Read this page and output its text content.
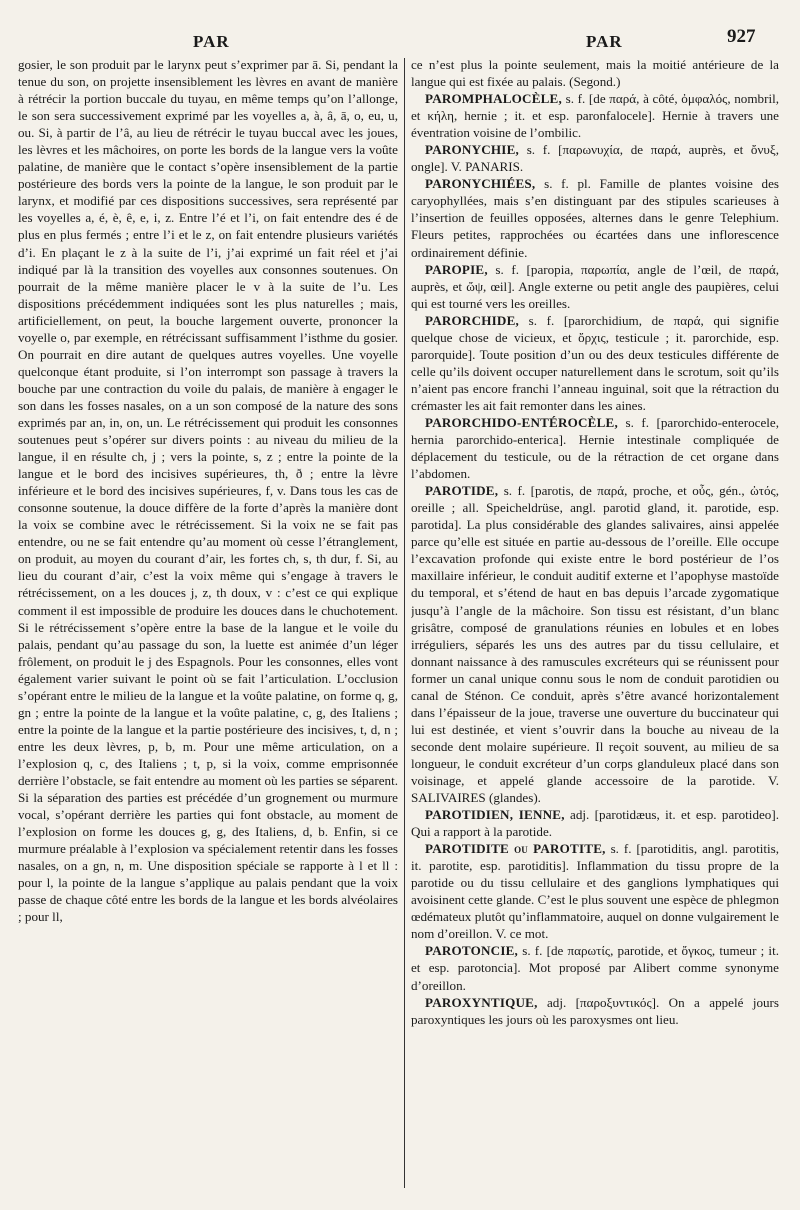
PAR	PAR	927

gosier, le son produit par le larynx peut s’exprimer par ā. Si, pendant la tenue du son, on projette insensiblement les lèvres en avant de manière à rétrécir la portion buccale du tuyau, en même temps qu’on l’allonge, le son sera successivement exprimé par les voyelles a, à, â, ā, o, eu, u, ou. Si, à partir de l’â, au lieu de rétrécir le tuyau buccal avec les joues, les lèvres et les mâchoires, on porte les bords de la langue vers la voûte palatine, de manière que le contact s’opère insensiblement de la partie postérieure des bords vers la pointe de la langue, le son produit par le larynx, et modifié par ces dispositions successives, sera représenté par les voyelles a, é, è, ê, e, i, z. Entre l’é et l’i, on fait entendre des é de plus en plus fermés ; entre l’i et le z, on fait entendre plusieurs variétés d’i. En plaçant le z à la suite de l’i, j’ai exprimé un fait réel et j’ai indiqué par là la transition des voyelles aux consonnes soutenues. On pourrait de la même manière placer le v à la suite de l’u. Les dispositions précédemment indiquées sont les plus naturelles ; mais, artificiellement, on peut, la bouche largement ouverte, prononcer la voyelle o, par exemple, en rétrécissant suffisamment l’isthme du gosier. On pourrait en dire autant de quelques autres voyelles. Une voyelle quelconque étant produite, si l’on interrompt son passage à travers la bouche par une contraction du voile du palais, de manière à engager le son dans les fosses nasales, on a un son composé de la nature des sons exprimés par an, in, on, un. Le rétrécissement qui produit les consonnes soutenues peut s’opérer sur divers points : au niveau du milieu de la langue, il en résulte ch, j ; vers la pointe, s, z ; entre la pointe de la langue et le bord des incisives supérieures, th, ð ; entre la lèvre inférieure et le bord des incisives supérieures, f, v. Dans tous les cas de consonne soutenue, la douce diffère de la forte d’après la manière dont la voix se combine avec le rétrécissement. Si la voix ne se fait pas entendre, ou ne se fait entendre qu’au moment où cesse l’étranglement, on produit, au moyen du courant d’air, les fortes ch, s, th dur, f. Si, au lieu du courant d’air, c’est la voix même qui s’engage à travers le rétrécissement, on a les douces j, z, th doux, v : c’est ce qui explique comment il est impossible de produire les douces dans le chuchotement. Si le rétrécissement s’opère entre la base de la langue et le voile du palais, pendant qu’au passage du son, la luette est animée d’un léger frôlement, on produit le j des Espagnols. Pour les consonnes, elles vont également varier suivant le point où se fait l’articulation. L’occlusion s’opérant entre le milieu de la langue et la voûte palatine, on forme q, g, gn ; entre la pointe de la langue et la voûte palatine, c, g, des Italiens ; entre la pointe de la langue et la partie postérieure des incisives, t, d, n ; entre les deux lèvres, p, b, m. Pour une même articulation, on a l’explosion q, c, des Italiens ; t, p, si la voix, comme emprisonnée derrière l’obstacle, se fait entendre au moment où les parties se séparent. Si la séparation des parties est précédée d’un grognement ou murmure vocal, s’opérant derrière les parties qui font obstacle, au moment de l’explosion on forme les douces g, g, des Italiens, d, b. Enfin, si ce murmure préalable à l’explosion va spécialement retentir dans les fosses nasales, on a gn, n, m. Une disposition spéciale se rapporte à l et ll : pour l, la pointe de la langue s’applique au palais pendant que la voix passe de chaque côté entre les bords de la langue et les bords alvéolaires ; pour ll,

ce n’est plus la pointe seulement, mais la moitié antérieure de la langue qui est fixée au palais. (Segond.)

PAROMPHALOCÈLE, s. f. [de παρά, à côté, ὀμφαλός, nombril, et κήλη, hernie ; it. et esp. paronfalocele]. Hernie à travers une éventration voisine de l’ombilic.

PARONYCHIE, s. f. [παρωνυχία, de παρά, auprès, et ὄνυξ, ongle]. V. PANARIS.

PARONYCHIÉES, s. f. pl. Famille de plantes voisine des caryophyllées, mais s’en distinguant par des stipules scarieuses à l’insertion de feuilles opposées, alternes dans le genre Telephium. Fleurs petites, rapprochées ou écartées dans une inflorescence ordinairement définie.

PAROPIE, s. f. [paropia, παρωπία, angle de l’œil, de παρά, auprès, et ὤψ, œil]. Angle externe ou petit angle des paupières, celui qui est tourné vers les oreilles.

PARORCHIDE, s. f. [parorchidium, de παρά, qui signifie quelque chose de vicieux, et ὄρχις, testicule ; it. parorchide, esp. parorquide]. Toute position d’un ou des deux testicules différente de celle qu’ils doivent occuper naturellement dans le scrotum, soit qu’ils n’aient pas encore franchi l’anneau inguinal, soit que la rétraction du crémaster les ait fait remonter dans les aines.

PARORCHIDO-ENTÉROCÈLE, s. f. [parorchido-enterocele, hernia parorchido-enterica]. Hernie intestinale compliquée de déplacement du testicule, ou de la rétraction de cet organe dans l’abdomen.

PAROTIDE, s. f. [parotis, de παρά, proche, et οὖς, gén., ὠτός, oreille ; all. Speicheldrüse, angl. parotid gland, it. parotide, esp. parotida]. La plus considérable des glandes salivaires, ainsi appelée parce qu’elle est située en partie au-dessous de l’oreille. Elle occupe l’excavation profonde qui existe entre le bord postérieur de l’os maxillaire inférieur, le conduit auditif externe et l’apophyse mastoïde du temporal, et s’étend de haut en bas depuis l’arcade zygomatique jusqu’à l’angle de la mâchoire. Son tissu est résistant, d’un blanc grisâtre, composé de granulations réunies en lobules et en lobes irréguliers, séparés les uns des autres par du tissu cellulaire, et donnant naissance à des ramuscules excréteurs qui se réunissent pour former un canal unique connu sous le nom de conduit parotidien ou canal de Sténon. Ce conduit, après s’être avancé horizontalement dans l’épaisseur de la joue, traverse une ouverture du buccinateur qui lui est destinée, et vient s’ouvrir dans la bouche au niveau de la seconde dent molaire supérieure. Il reçoit souvent, au milieu de sa longueur, le conduit excréteur d’un corps glanduleux placé dans son voisinage, et appelé glande accessoire de la parotide. V. SALIVAIRES (glandes).

PAROTIDIEN, IENNE, adj. [parotidæus, it. et esp. parotideo]. Qui a rapport à la parotide.

PAROTIDITE ou PAROTITE, s. f. [parotiditis, angl. parotitis, it. parotite, esp. parotiditis]. Inflammation du tissu propre de la parotide ou du tissu cellulaire et des ganglions lymphatiques qui avoisinent cette glande. C’est le plus souvent une espèce de phlegmon œdémateux plutôt qu’inflammatoire, auquel on donne vulgairement le nom d’oreillon. V. ce mot.

PAROTONCIE, s. f. [de παρωτίς, parotide, et ὄγκος, tumeur ; it. et esp. parotoncia]. Mot proposé par Alibert comme synonyme d’oreillon.

PAROXYNTIQUE, adj. [παροξυντικός]. On a appelé jours paroxyntiques les jours où les paroxysmes ont lieu.
